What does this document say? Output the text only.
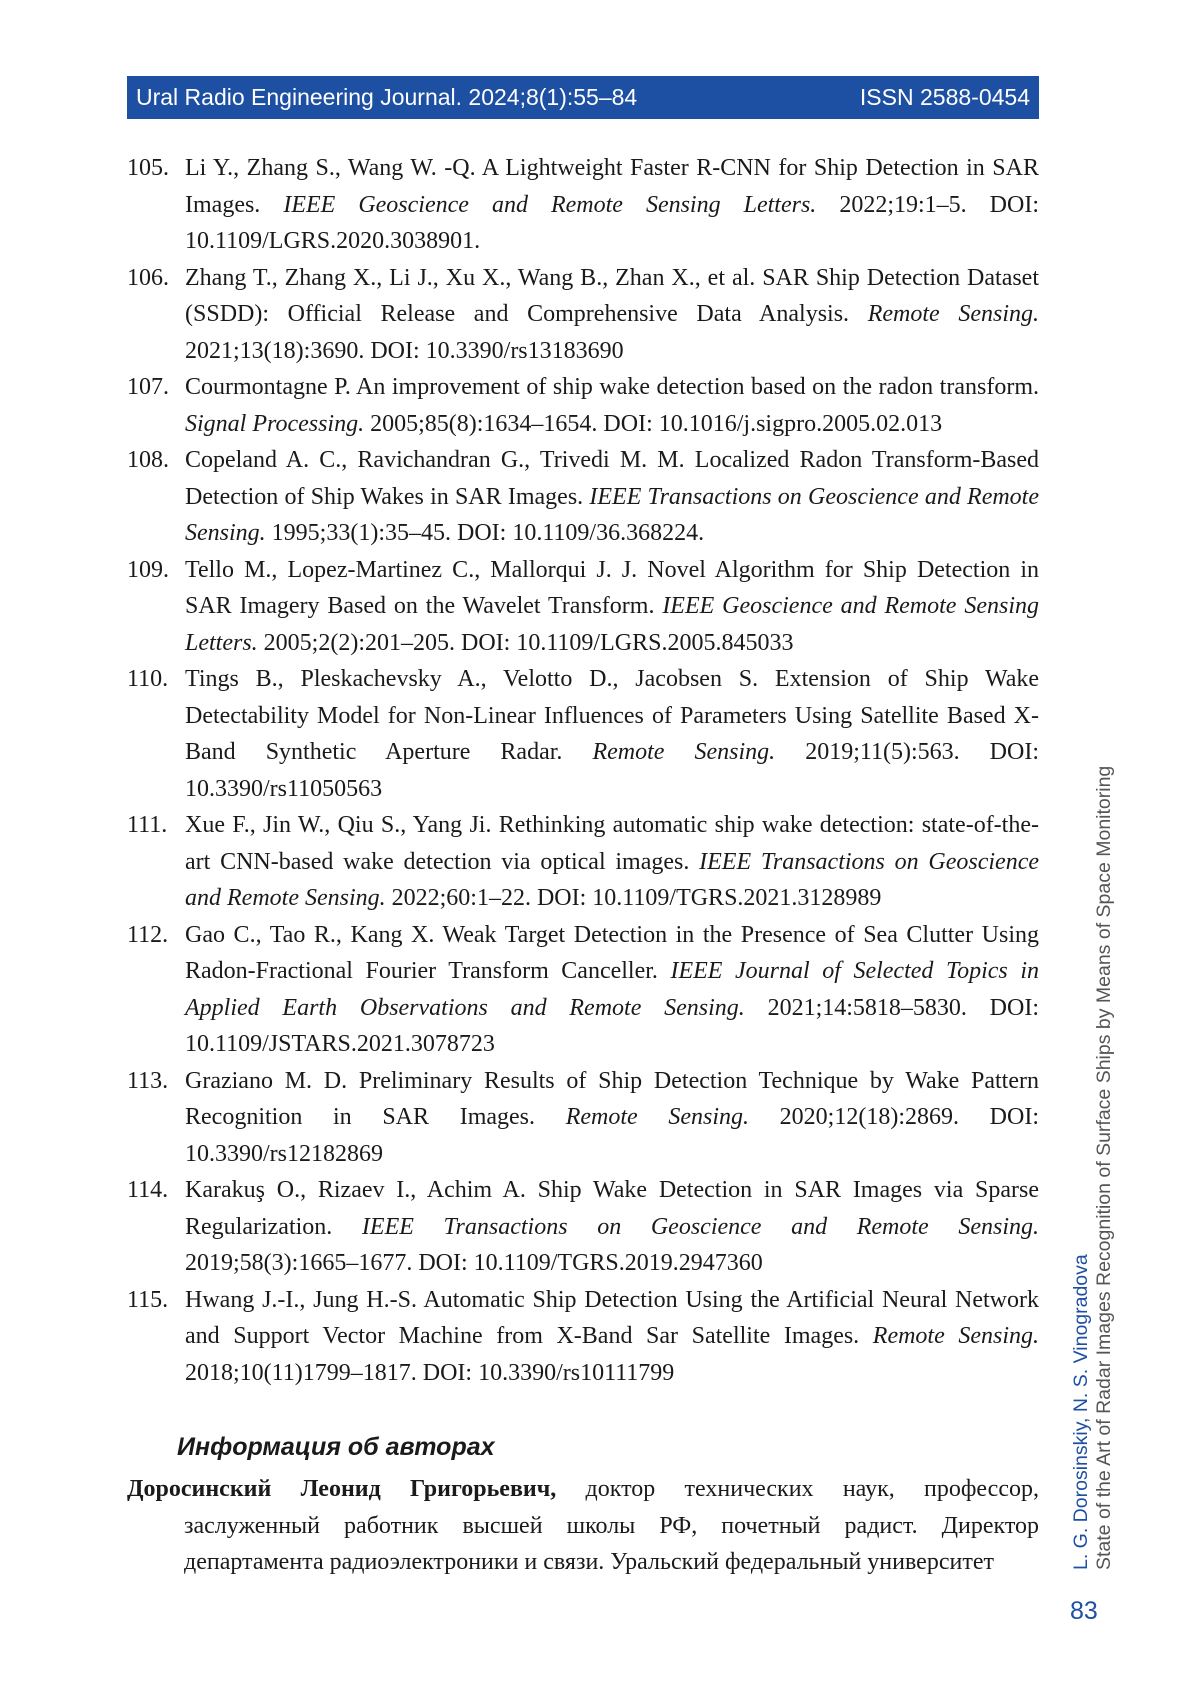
Ural Radio Engineering Journal. 2024;8(1):55–84	ISSN 2588-0454
105. Li Y., Zhang S., Wang W. -Q. A Lightweight Faster R-CNN for Ship Detection in SAR Images. IEEE Geoscience and Remote Sensing Letters. 2022;19:1–5. DOI: 10.1109/LGRS.2020.3038901.
106. Zhang T., Zhang X., Li J., Xu X., Wang B., Zhan X., et al. SAR Ship Detection Dataset (SSDD): Official Release and Comprehensive Data Analysis. Remote Sensing. 2021;13(18):3690. DOI: 10.3390/rs13183690
107. Courmontagne P. An improvement of ship wake detection based on the radon transform. Signal Processing. 2005;85(8):1634–1654. DOI: 10.1016/j.sigpro.2005.02.013
108. Copeland A. C., Ravichandran G., Trivedi M. M. Localized Radon Transform-Based Detection of Ship Wakes in SAR Images. IEEE Transactions on Geoscience and Remote Sensing. 1995;33(1):35–45. DOI: 10.1109/36.368224.
109. Tello M., Lopez-Martinez C., Mallorqui J. J. Novel Algorithm for Ship Detection in SAR Imagery Based on the Wavelet Transform. IEEE Geoscience and Remote Sensing Letters. 2005;2(2):201–205. DOI: 10.1109/LGRS.2005.845033
110. Tings B., Pleskachevsky A., Velotto D., Jacobsen S. Extension of Ship Wake Detectability Model for Non-Linear Influences of Parameters Using Satellite Based X-Band Synthetic Aperture Radar. Remote Sensing. 2019;11(5):563. DOI: 10.3390/rs11050563
111. Xue F., Jin W., Qiu S., Yang Ji. Rethinking automatic ship wake detection: state-of-the-art CNN-based wake detection via optical images. IEEE Transactions on Geoscience and Remote Sensing. 2022;60:1–22. DOI: 10.1109/TGRS.2021.3128989
112. Gao C., Tao R., Kang X. Weak Target Detection in the Presence of Sea Clutter Using Radon-Fractional Fourier Transform Canceller. IEEE Journal of Selected Topics in Applied Earth Observations and Remote Sensing. 2021;14:5818–5830. DOI: 10.1109/JSTARS.2021.3078723
113. Graziano M. D. Preliminary Results of Ship Detection Technique by Wake Pattern Recognition in SAR Images. Remote Sensing. 2020;12(18):2869. DOI: 10.3390/rs12182869
114. Karakuş O., Rizaev I., Achim A. Ship Wake Detection in SAR Images via Sparse Regularization. IEEE Transactions on Geoscience and Remote Sensing. 2019;58(3):1665–1677. DOI: 10.1109/TGRS.2019.2947360
115. Hwang J.-I., Jung H.-S. Automatic Ship Detection Using the Artificial Neural Network and Support Vector Machine from X-Band Sar Satellite Images. Remote Sensing. 2018;10(11)1799–1817. DOI: 10.3390/rs10111799
Информация об авторах
Доросинский Леонид Григорьевич, доктор технических наук, профессор, заслуженный работник высшей школы РФ, почетный радист. Директор департамента радиоэлектроники и связи. Уральский федеральный университет	L. G. Dorosinskiy, N. S. Vinogradova State of the Art of Radar Images Recognition of Surface Ships by Means of Space Monitoring
83
